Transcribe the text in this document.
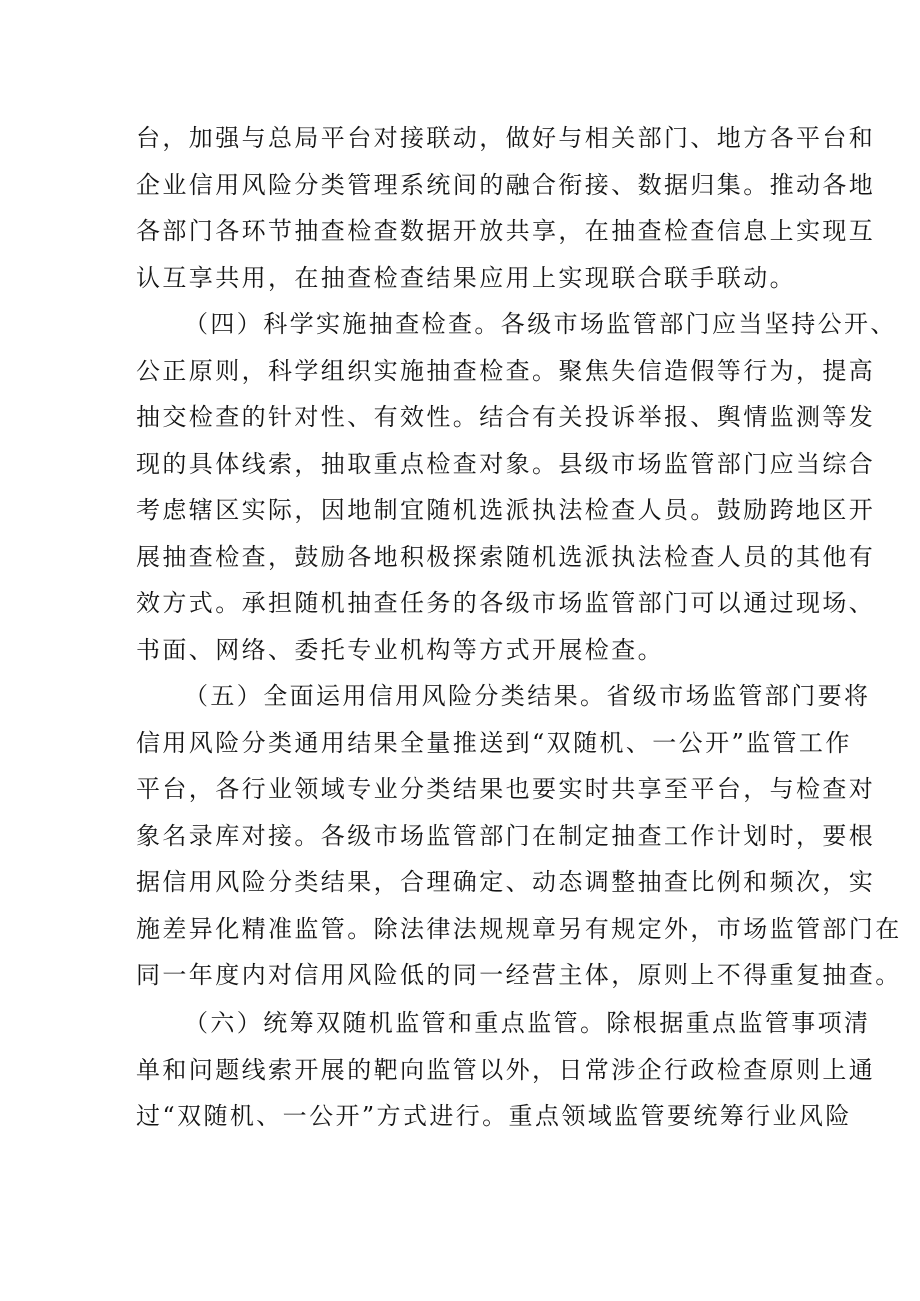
台，加强与总局平台对接联动，做好与相关部门、地方各平台和
企业信用风险分类管理系统间的融合衔接、数据归集。推动各地
各部门各环节抽查检查数据开放共享，在抽查检查信息上实现互
认互享共用，在抽查检查结果应用上实现联合联手联动。
（四）科学实施抽查检查。各级市场监管部门应当坚持公开、
公正原则，科学组织实施抽查检查。聚焦失信造假等行为，提高
抽交检查的针对性、有效性。结合有关投诉举报、舆情监测等发
现的具体线索，抽取重点检查对象。县级市场监管部门应当综合
考虑辖区实际，因地制宜随机选派执法检查人员。鼓励跨地区开
展抽查检查，鼓励各地积极探索随机选派执法检查人员的其他有
效方式。承担随机抽查任务的各级市场监管部门可以通过现场、
书面、网络、委托专业机构等方式开展检查。
（五）全面运用信用风险分类结果。省级市场监管部门要将
信用风险分类通用结果全量推送到“双随机、一公开”监管工作
平台，各行业领域专业分类结果也要实时共享至平台，与检查对
象名录库对接。各级市场监管部门在制定抽查工作计划时，要根
据信用风险分类结果，合理确定、动态调整抽查比例和频次，实
施差异化精准监管。除法律法规规章另有规定外，市场监管部门在
同一年度内对信用风险低的同一经营主体，原则上不得重复抽查。
（六）统筹双随机监管和重点监管。除根据重点监管事项清
单和问题线索开展的靶向监管以外，日常涉企行政检查原则上通
过“双随机、一公开”方式进行。重点领域监管要统筹行业风险
